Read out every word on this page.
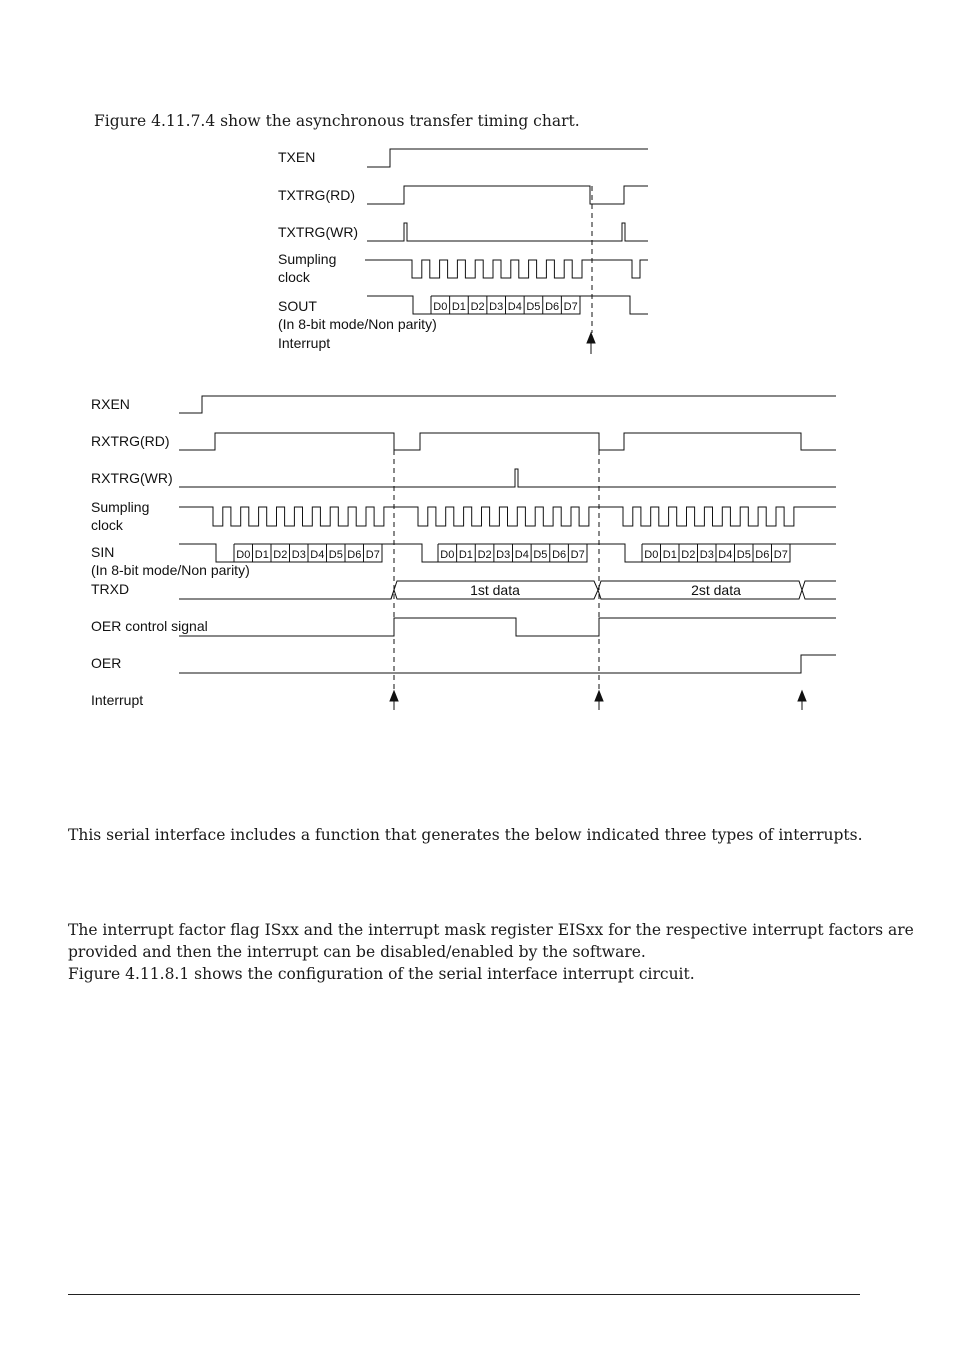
Figure 4.11.7.4 show the asynchronous transfer timing chart.
D0 D1 D2 D3 D4 D5 D6 D7
D0 D1 D2 D3 D4 D5 D6 D7	D0 D1 D2 D3 D4 D5 D6 D7	D0 D1 D2 D3 D4 D5 D6 D7
TXEN
TXTRG(RD)
TXTRG(WR)
Sumpling
clock
SOUT
(In 8-bit mode/Non parity)
Interrupt
RXEN
RXTRG(RD)
RXTRG(WR)
Sumpling
clock
SIN
(In 8-bit mode/Non parity)
TRXD
OER control signal
OER
Interrupt
1st data	2st data
This serial interface includes a function that generates the below indicated three types of interrupts.
The interrupt factor flag ISxx and the interrupt mask register EISxx for the respective interrupt factors are
provided and then the interrupt can be disabled/enabled by the software.
Figure 4.11.8.1 shows the configuration of the serial interface interrupt circuit.
